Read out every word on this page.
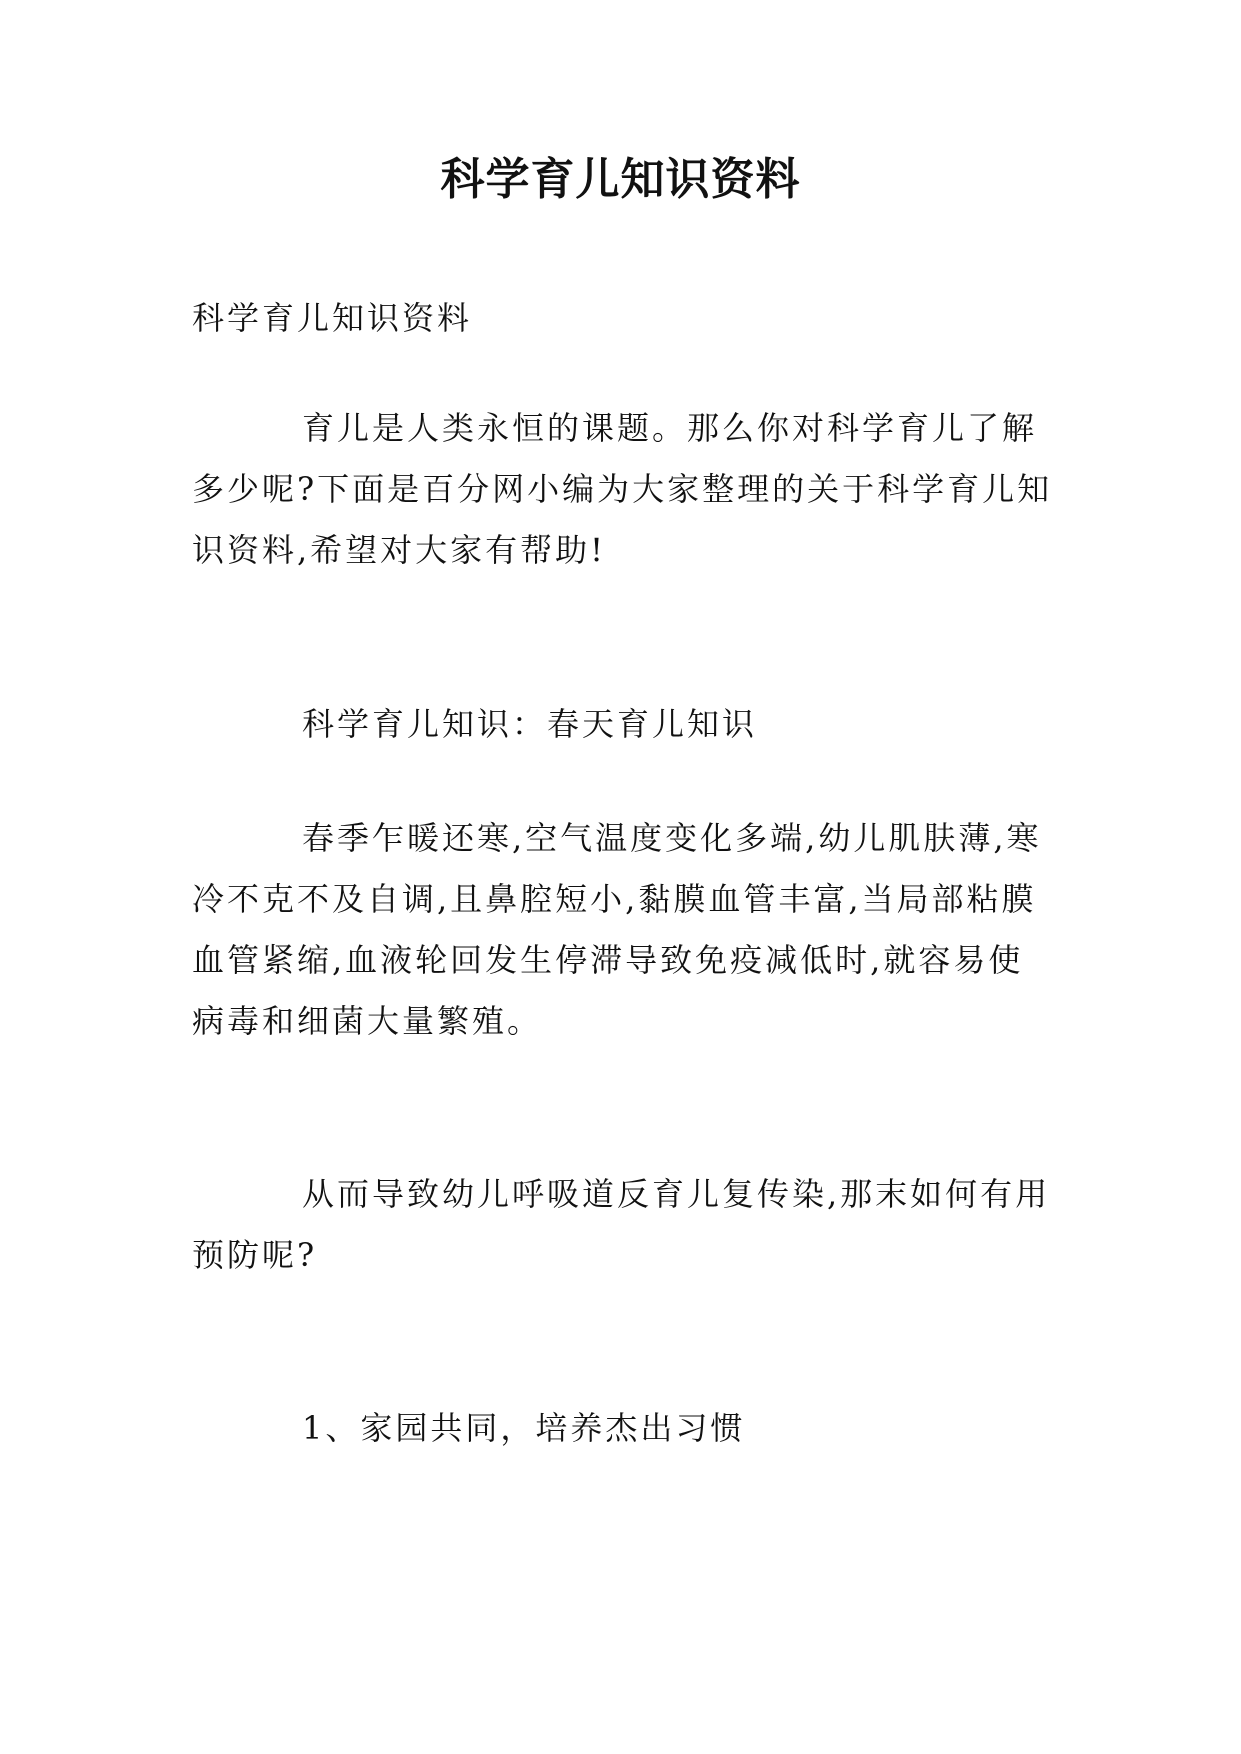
科学育儿知识资料

科学育儿知识资料

育儿是人类永恒的课题。那么你对科学育儿了解多少呢?下面是百分网小编为大家整理的关于科学育儿知识资料,希望对大家有帮助!

科学育儿知识：春天育儿知识

春季乍暖还寒,空气温度变化多端,幼儿肌肤薄,寒冷不克不及自调,且鼻腔短小,黏膜血管丰富,当局部粘膜血管紧缩,血液轮回发生停滞导致免疫减低时,就容易使病毒和细菌大量繁殖。

从而导致幼儿呼吸道反育儿复传染,那末如何有用预防呢?

1、家园共同，培养杰出习惯
